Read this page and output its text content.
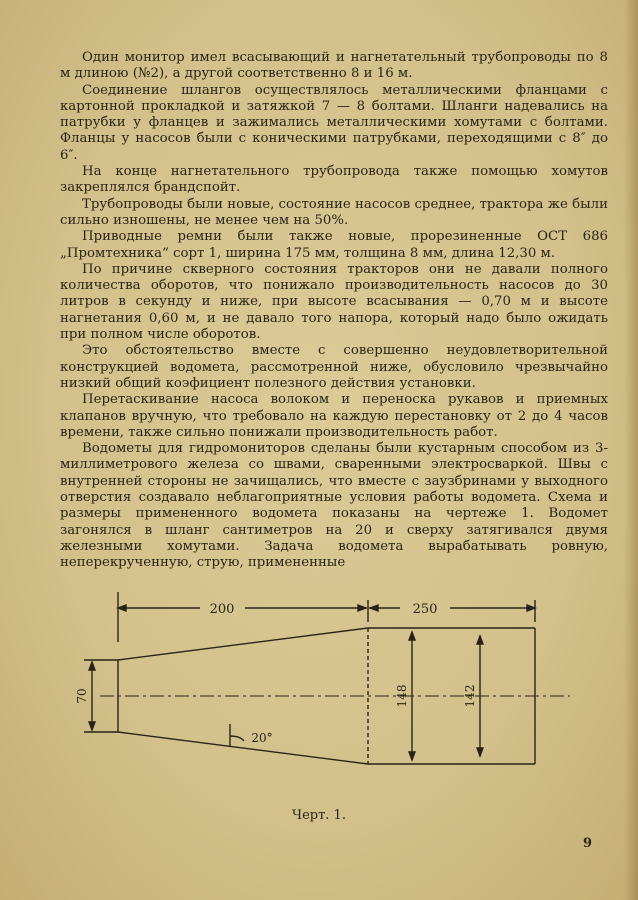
Один монитор имел всасывающий и нагнетательный трубопроводы по 8 м длиною (№2), а другой соответственно 8 и 16 м.

Соединение шлангов осуществлялось металлическими фланцами с картонной прокладкой и затяжкой 7 — 8 болтами. Шланги надевались на патрубки у фланцев и зажимались металлическими хомутами с болтами. Фланцы у насосов были с коническими патрубками, переходящими с 8″ до 6″.

На конце нагнетательного трубопровода также помощью хомутов закреплялся брандспойт.

Трубопроводы были новые, состояние насосов среднее, трактора же были сильно изношены, не менее чем на 50%.

Приводные ремни были также новые, прорезиненные ОСТ 686 „Промтехника“ сорт 1, ширина 175 мм, толщина 8 мм, длина 12,30 м.

По причине скверного состояния тракторов они не давали полного количества оборотов, что понижало производительность насосов до 30 литров в секунду и ниже, при высоте всасывания — 0,70 м и высоте нагнетания 0,60 м, и не давало того напора, который надо было ожидать при полном числе оборотов.

Это обстоятельство вместе с совершенно неудовлетворительной конструкцией водомета, рассмотренной ниже, обусловило чрезвычайно низкий общий коэфициент полезного действия установки.

Перетаскивание насоса волоком и переноска рукавов и приемных клапанов вручную, что требовало на каждую перестановку от 2 до 4 часов времени, также сильно понижали производительность работ.

Водометы для гидромониторов сделаны были кустарным способом из 3-миллиметрового железа со швами, сваренными электросваркой. Швы с внутренней стороны не зачищались, что вместе с заузбринами у выходного отверстия создавало неблагоприятные условия работы водомета. Схема и размеры примененного водомета показаны на чертеже 1. Водомет загонялся в шланг сантиметров на 20 и сверху затягивался двумя железными хомутами. Задача водомета вырабатывать ровную, неперекрученную, струю, примененные

200	250
70	148	142
20°
Черт. 1.
9
